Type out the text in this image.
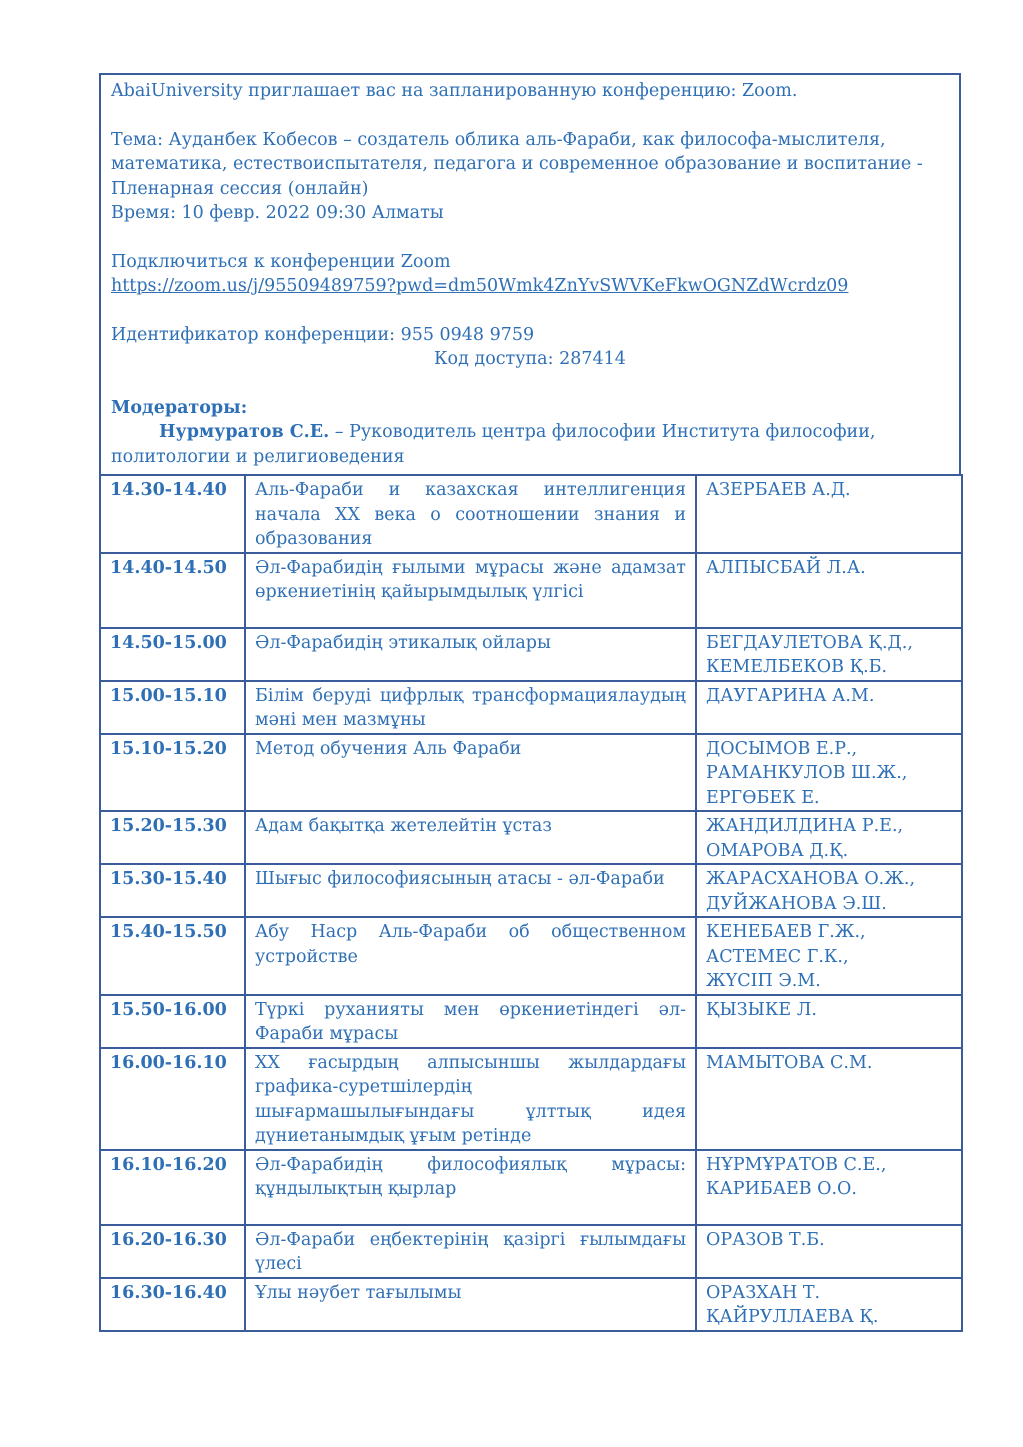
AbaiUniversity приглашает вас на запланированную конференцию: Zoom.

Тема: Ауданбек Кобесов – создатель облика аль-Фараби, как философа-мыслителя,

математика, естествоиспытателя, педагога и современное образование и воспитание -

Пленарная сессия (онлайн)

Время: 10 февр. 2022 09:30 Алматы

Подключиться к конференции Zoom

https://zoom.us/j/95509489759?pwd=dm50Wmk4ZnYvSWVKeFkwOGNZdWcrdz09

Идентификатор конференции: 955 0948 9759

Код доступа: 287414

Модераторы:

Нурмуратов С.Е. – Руководитель центра философии Института философии,

политологии и религиоведения

14.30-14.40	Аль-Фараби и казахская интеллигенция начала XX века о соотношении знания и образования	АЗЕРБАЕВ А.Д.

14.40-14.50	Әл-Фарабидің ғылыми мұрасы және адамзат өркениетінің қайырымдылық үлгісі	АЛПЫСБАЙ Л.А.

14.50-15.00	Әл-Фарабидің этикалық ойлары	БЕГДАУЛЕТОВА Қ.Д.,
КЕМЕЛБЕКОВ Қ.Б.

15.00-15.10	Білім беруді цифрлық трансформациялаудың мәні мен мазмұны	ДАУГАРИНА А.М.

15.10-15.20	Метод обучения Аль Фараби	ДОСЫМОВ Е.Р.,
РАМАНКУЛОВ Ш.Ж.,
ЕРГӨБЕК Е.

15.20-15.30	Адам бақытқа жетелейтін ұстаз	ЖАНДИЛДИНА Р.Е.,
ОМАРОВА Д.Қ.

15.30-15.40	Шығыс философиясының атасы - әл-Фараби	ЖАРАСХАНОВА О.Ж.,
ДУЙЖАНОВА Э.Ш.

15.40-15.50	Абу Наср Аль-Фараби об общественном устройстве	КЕНЕБАЕВ Г.Ж.,
АСТЕМЕС Г.К.,
ЖҮСІП Э.М.

15.50-16.00	Түркі руханияты мен өркениетіндегі әл-Фараби мұрасы	ҚЫЗЫКЕ Л.

16.00-16.10	XX ғасырдың алпысыншы жылдардағы графика-суретшілердің шығармашылығындағы ұлттық идея дүниетанымдық ұғым ретінде	МАМЫТОВА С.М.

16.10-16.20	Әл-Фарабидің философиялық мұрасы: құндылықтың қырлар	НҰРМҰРАТОВ С.Е.,
КАРИБАЕВ О.О.

16.20-16.30	Әл-Фараби еңбектерінің қазіргі ғылымдағы үлесі	ОРАЗОВ Т.Б.

16.30-16.40	Ұлы нәубет тағылымы	ОРАЗХАН Т.
ҚАЙРУЛЛАЕВА Қ.
